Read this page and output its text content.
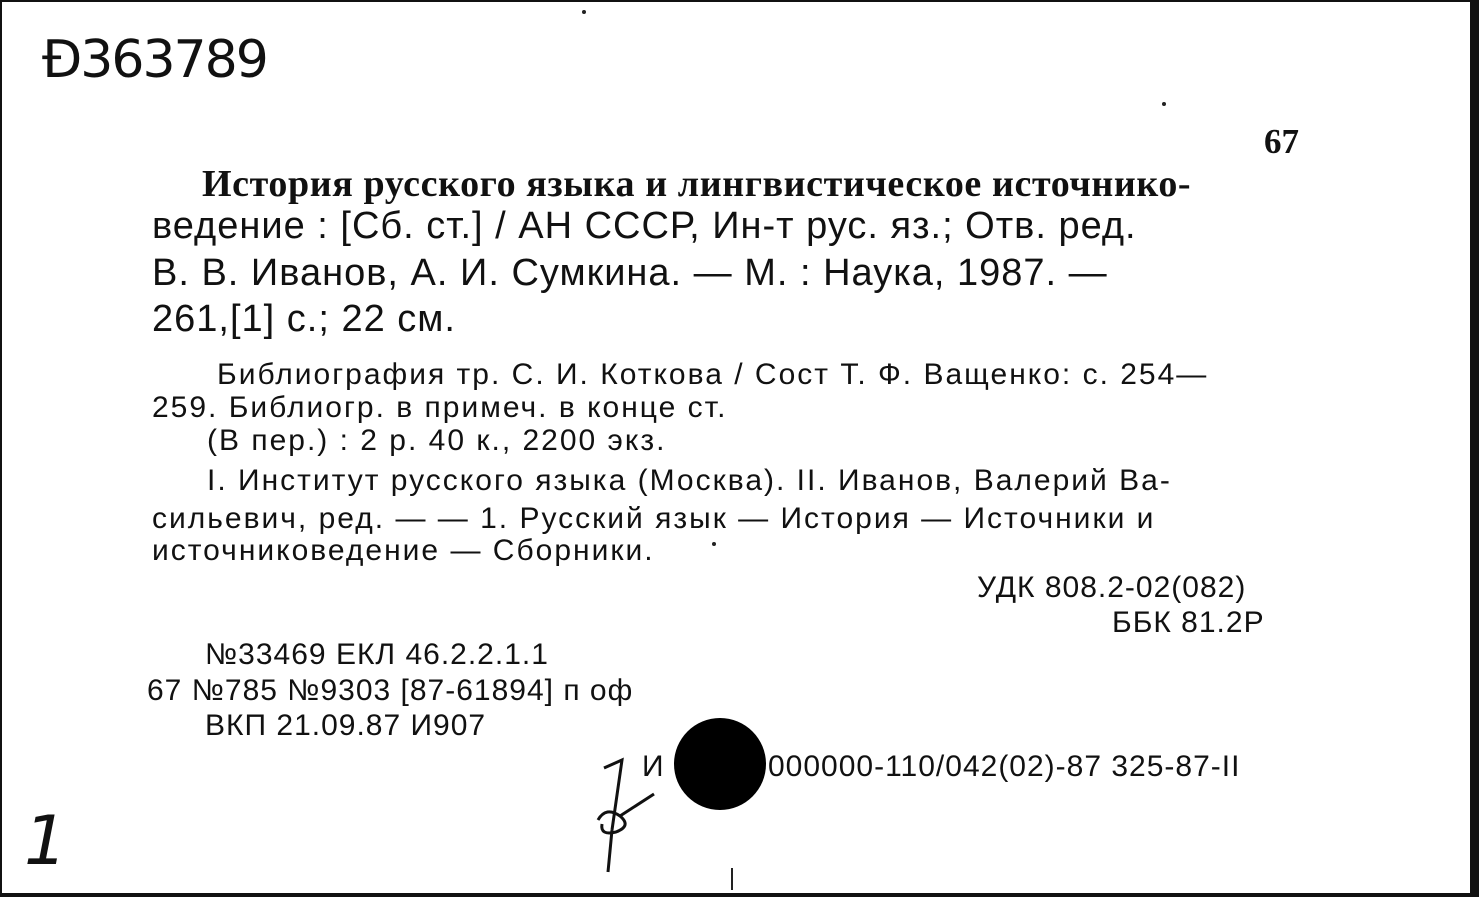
Ɖ363789
67
История русского языка и лингвистическое источнико-
ведение : [Сб. ст.] / АН СССР, Ин-т рус. яз.; Отв. ред.
В. В. Иванов, А. И. Сумкина. — М. : Наука, 1987. —
261,[1] с.; 22 см.
Библиография тр. С. И. Коткова / Сост Т. Ф. Ващенко: с. 254—
259. Библиогр. в примеч. в конце ст.
(В пер.) : 2 р. 40 к., 2200 экз.
I. Институт русского языка (Москва). II. Иванов, Валерий Ва-
сильевич, ред. — — 1. Русский язык — История — Источники и
источниковедение — Сборники.
УДК 808.2-02(082)
ББК 81.2Р
№33469 ЕКЛ 46.2.2.1.1
67 №785 №9303 [87-61894] п оф
ВКП 21.09.87 И907
И	000000-110/042(02)-87 325-87-II
1
